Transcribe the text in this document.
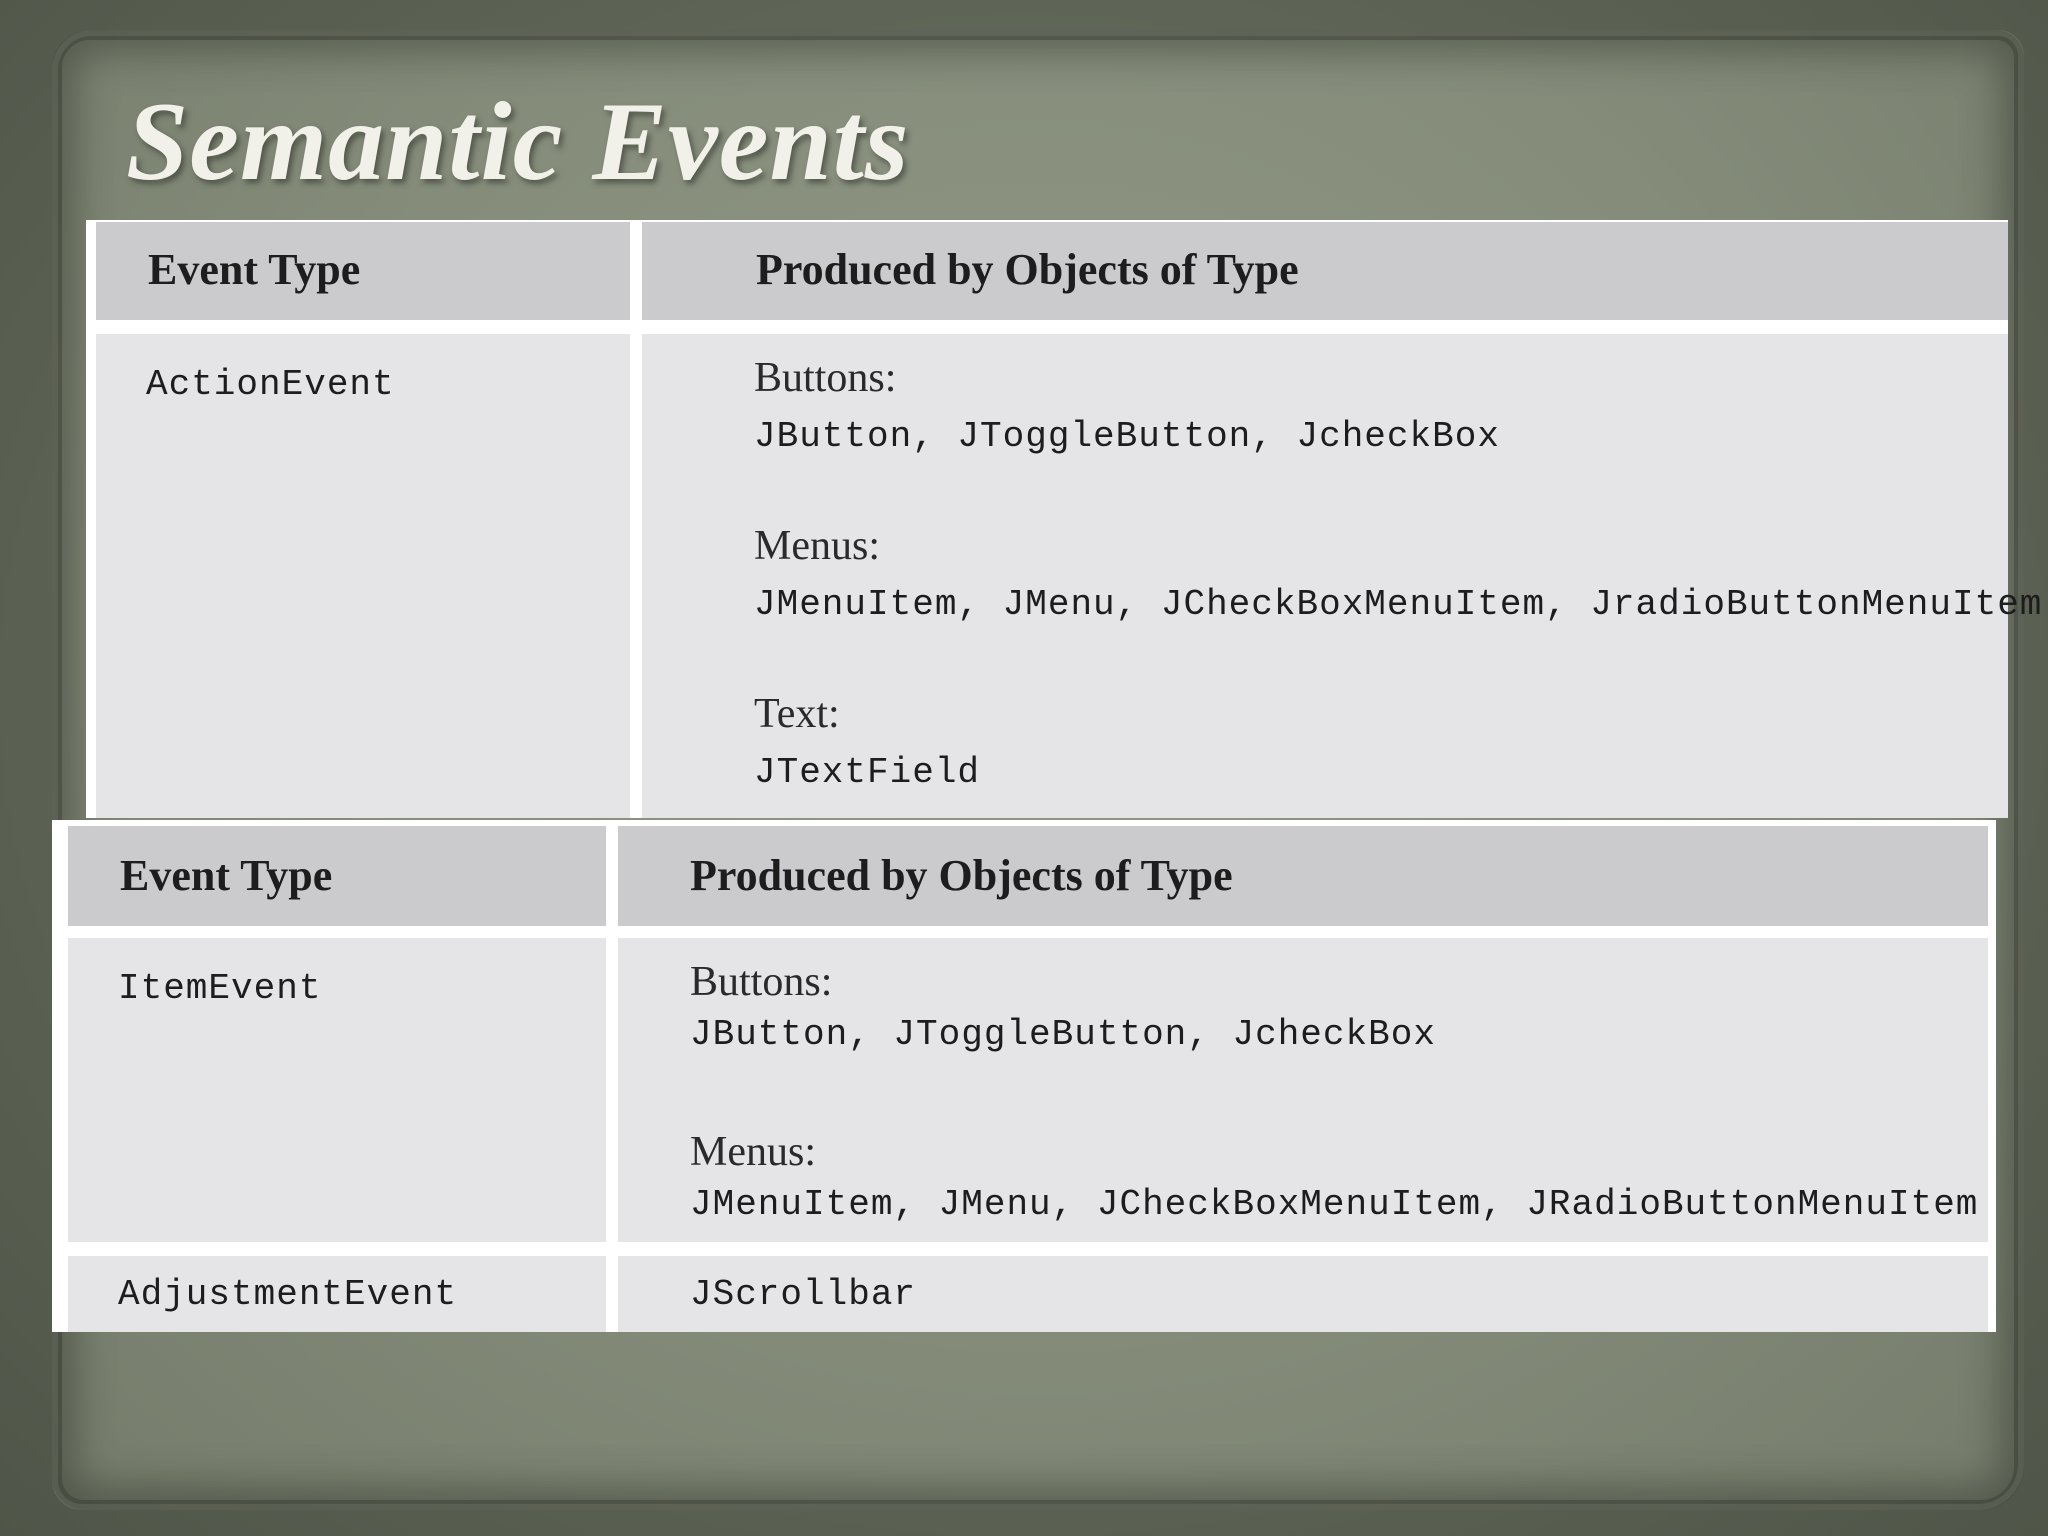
Semantic Events
Event Type	Produced by Objects of Type
ActionEvent	Buttons:
JButton, JToggleButton, JcheckBox
Menus:
JMenuItem, JMenu, JCheckBoxMenuItem, JradioButtonMenuItem
Text:
JTextField
Event Type	Produced by Objects of Type
ItemEvent	Buttons:
JButton, JToggleButton, JcheckBox
Menus:
JMenuItem, JMenu, JCheckBoxMenuItem, JRadioButtonMenuItem
AdjustmentEvent	JScrollbar
